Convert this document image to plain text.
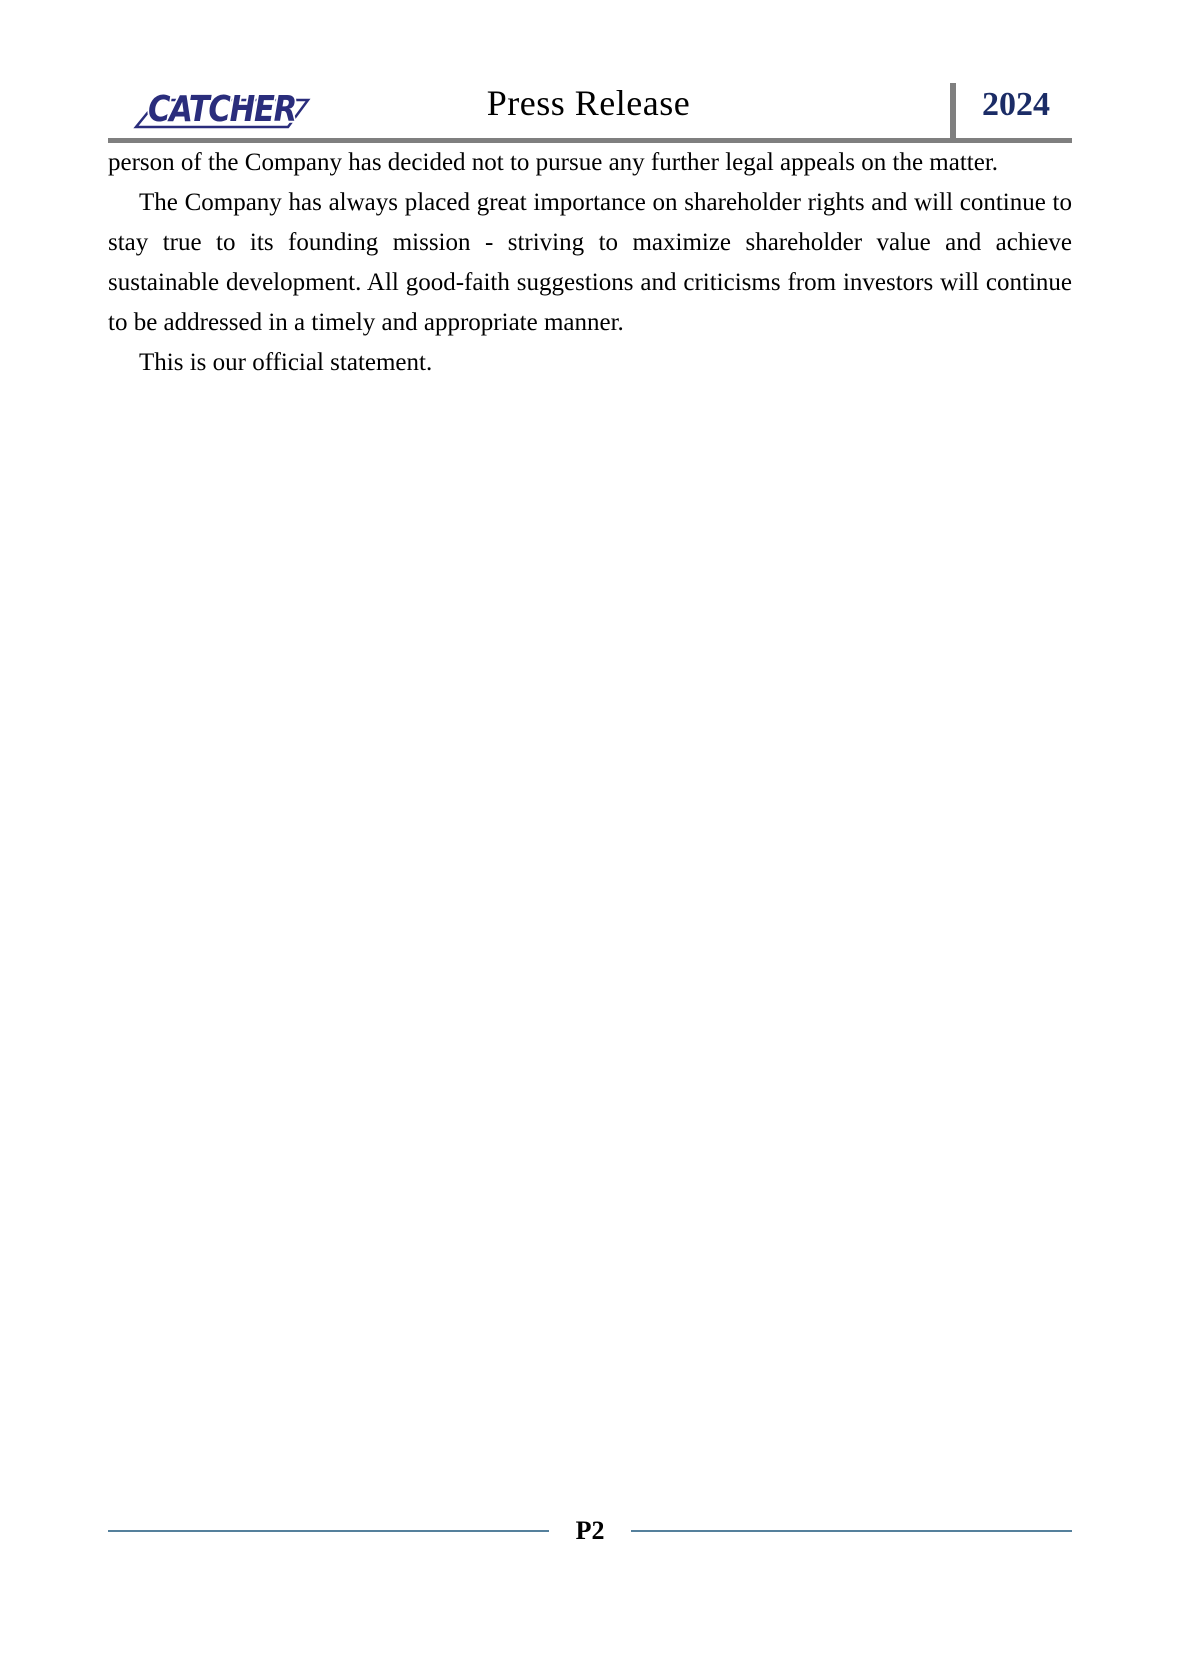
CATCHER	Press Release	2024

person of the Company has decided not to pursue any further legal appeals on the matter.

The Company has always placed great importance on shareholder rights and will continue to stay true to its founding mission - striving to maximize shareholder value and achieve sustainable development. All good-faith suggestions and criticisms from investors will continue to be addressed in a timely and appropriate manner.

This is our official statement.

P2
